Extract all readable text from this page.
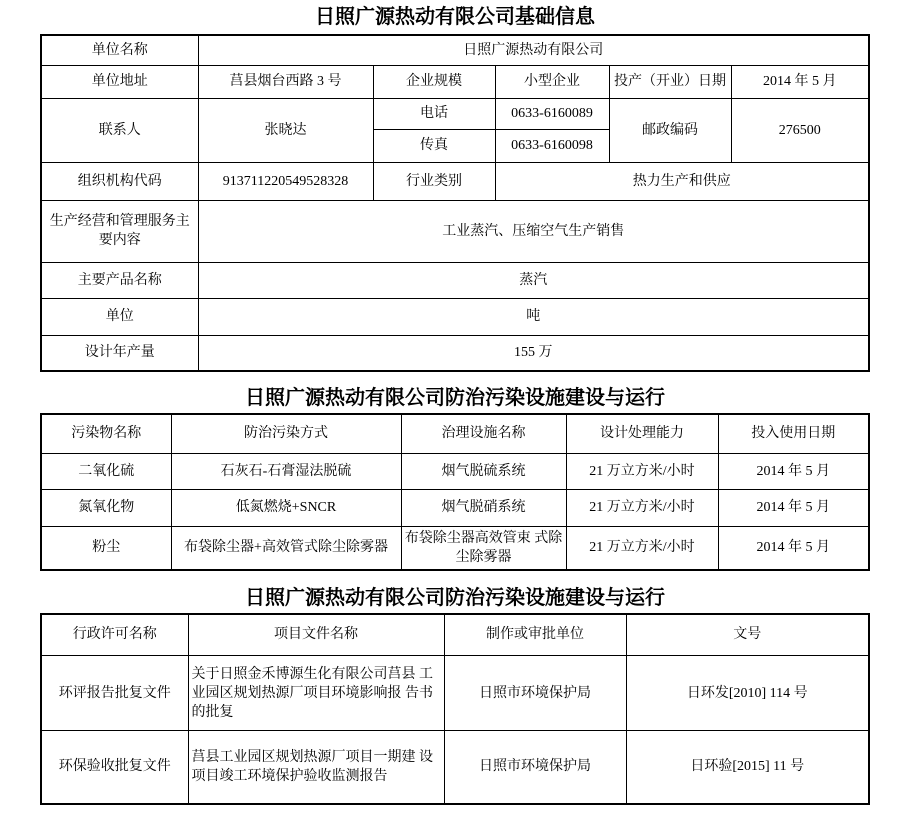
日照广源热动有限公司基础信息
单位名称	日照广源热动有限公司				
单位地址	莒县烟台西路 3 号	企业规模	小型企业	投产（开业）日期	2014 年 5 月
联系人	张晓达	电话	0633-6160089	邮政编码	276500
		传真	0633-6160098		
组织机构代码	913711220549528328	行业类别	热力生产和供应		
生产经营和管理服务主要内容	工业蒸汽、压缩空气生产销售				
主要产品名称	蒸汽				
单位	吨				
设计年产量	155 万				
日照广源热动有限公司防治污染设施建设与运行
污染物名称	防治污染方式	治理设施名称	设计处理能力	投入使用日期
二氧化硫	石灰石-石膏湿法脱硫	烟气脱硫系统	21 万立方米/小时	2014 年 5 月
氮氧化物	低氮燃烧+SNCR	烟气脱硝系统	21 万立方米/小时	2014 年 5 月
粉尘	布袋除尘器+高效管式除尘除雾器	布袋除尘器高效管束 式除尘除雾器	21 万立方米/小时	2014 年 5 月
日照广源热动有限公司防治污染设施建设与运行
行政许可名称	项目文件名称	制作或审批单位	文号
环评报告批复文件	关于日照金禾博源生化有限公司莒县 工业园区规划热源厂项目环境影响报 告书的批复	日照市环境保护局	日环发[2010] 114 号
环保验收批复文件	莒县工业园区规划热源厂项目一期建 设项目竣工环境保护验收监测报告	日照市环境保护局	日环验[2015] 11 号
